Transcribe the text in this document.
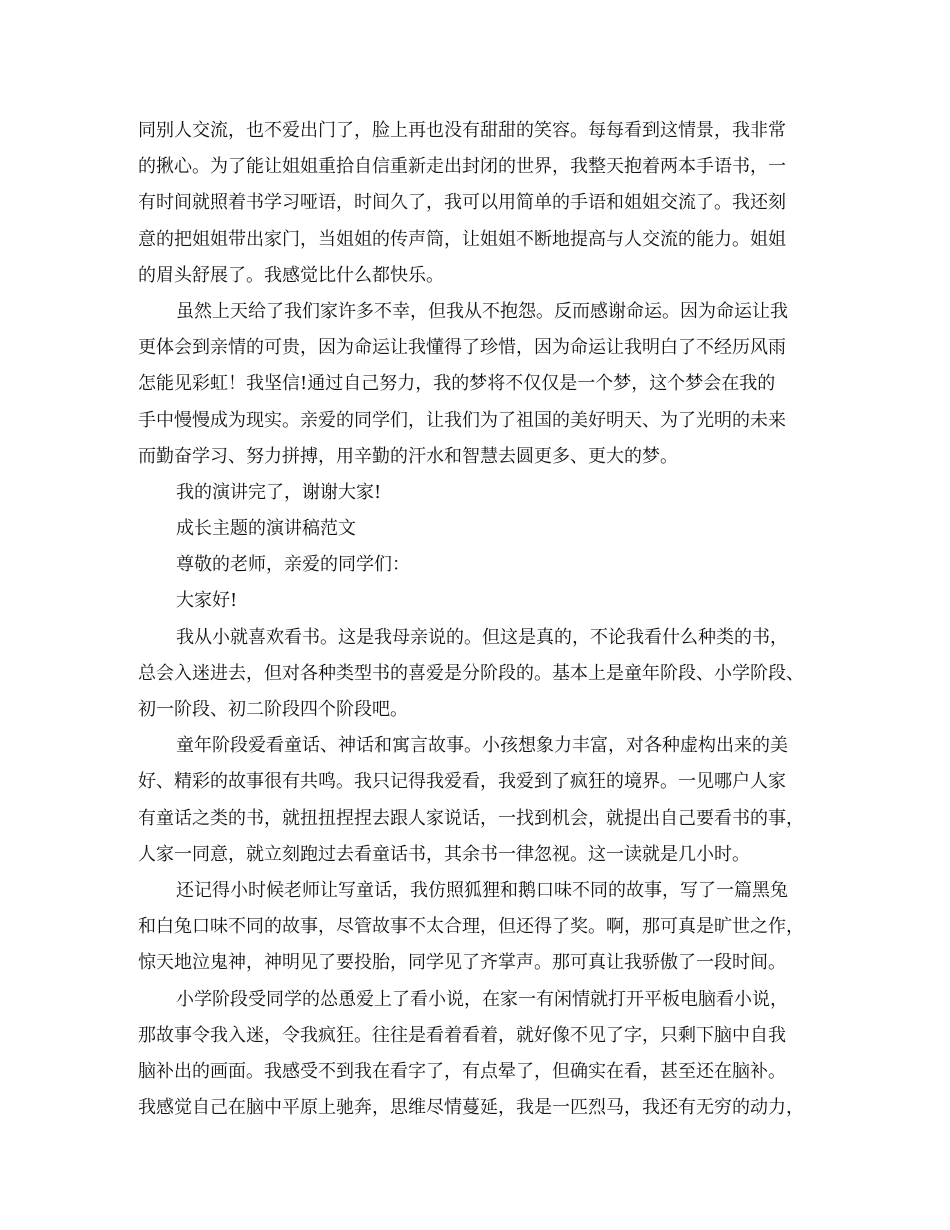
同别人交流，也不爱出门了，脸上再也没有甜甜的笑容。每每看到这情景，我非常
的揪心。为了能让姐姐重拾自信重新走出封闭的世界，我整天抱着两本手语书，一
有时间就照着书学习哑语，时间久了，我可以用简单的手语和姐姐交流了。我还刻
意的把姐姐带出家门，当姐姐的传声筒，让姐姐不断地提高与人交流的能力。姐姐
的眉头舒展了。我感觉比什么都快乐。
虽然上天给了我们家许多不幸，但我从不抱怨。反而感谢命运。因为命运让我
更体会到亲情的可贵，因为命运让我懂得了珍惜，因为命运让我明白了不经历风雨
怎能见彩虹！我坚信!通过自己努力，我的梦将不仅仅是一个梦，这个梦会在我的
手中慢慢成为现实。亲爱的同学们，让我们为了祖国的美好明天、为了光明的未来
而勤奋学习、努力拼搏，用辛勤的汗水和智慧去圆更多、更大的梦。
我的演讲完了，谢谢大家!
成长主题的演讲稿范文
尊敬的老师，亲爱的同学们：
大家好!
我从小就喜欢看书。这是我母亲说的。但这是真的，不论我看什么种类的书，
总会入迷进去，但对各种类型书的喜爱是分阶段的。基本上是童年阶段、小学阶段、
初一阶段、初二阶段四个阶段吧。
童年阶段爱看童话、神话和寓言故事。小孩想象力丰富，对各种虚构出来的美
好、精彩的故事很有共鸣。我只记得我爱看，我爱到了疯狂的境界。一见哪户人家
有童话之类的书，就扭扭捏捏去跟人家说话，一找到机会，就提出自己要看书的事，
人家一同意，就立刻跑过去看童话书，其余书一律忽视。这一读就是几小时。
还记得小时候老师让写童话，我仿照狐狸和鹅口味不同的故事，写了一篇黑兔
和白兔口味不同的故事，尽管故事不太合理，但还得了奖。啊，那可真是旷世之作，
惊天地泣鬼神，神明见了要投胎，同学见了齐掌声。那可真让我骄傲了一段时间。
小学阶段受同学的怂恿爱上了看小说，在家一有闲情就打开平板电脑看小说，
那故事令我入迷，令我疯狂。往往是看着看着，就好像不见了字，只剩下脑中自我
脑补出的画面。我感受不到我在看字了，有点晕了，但确实在看，甚至还在脑补。
我感觉自己在脑中平原上驰奔，思维尽情蔓延，我是一匹烈马，我还有无穷的动力，
